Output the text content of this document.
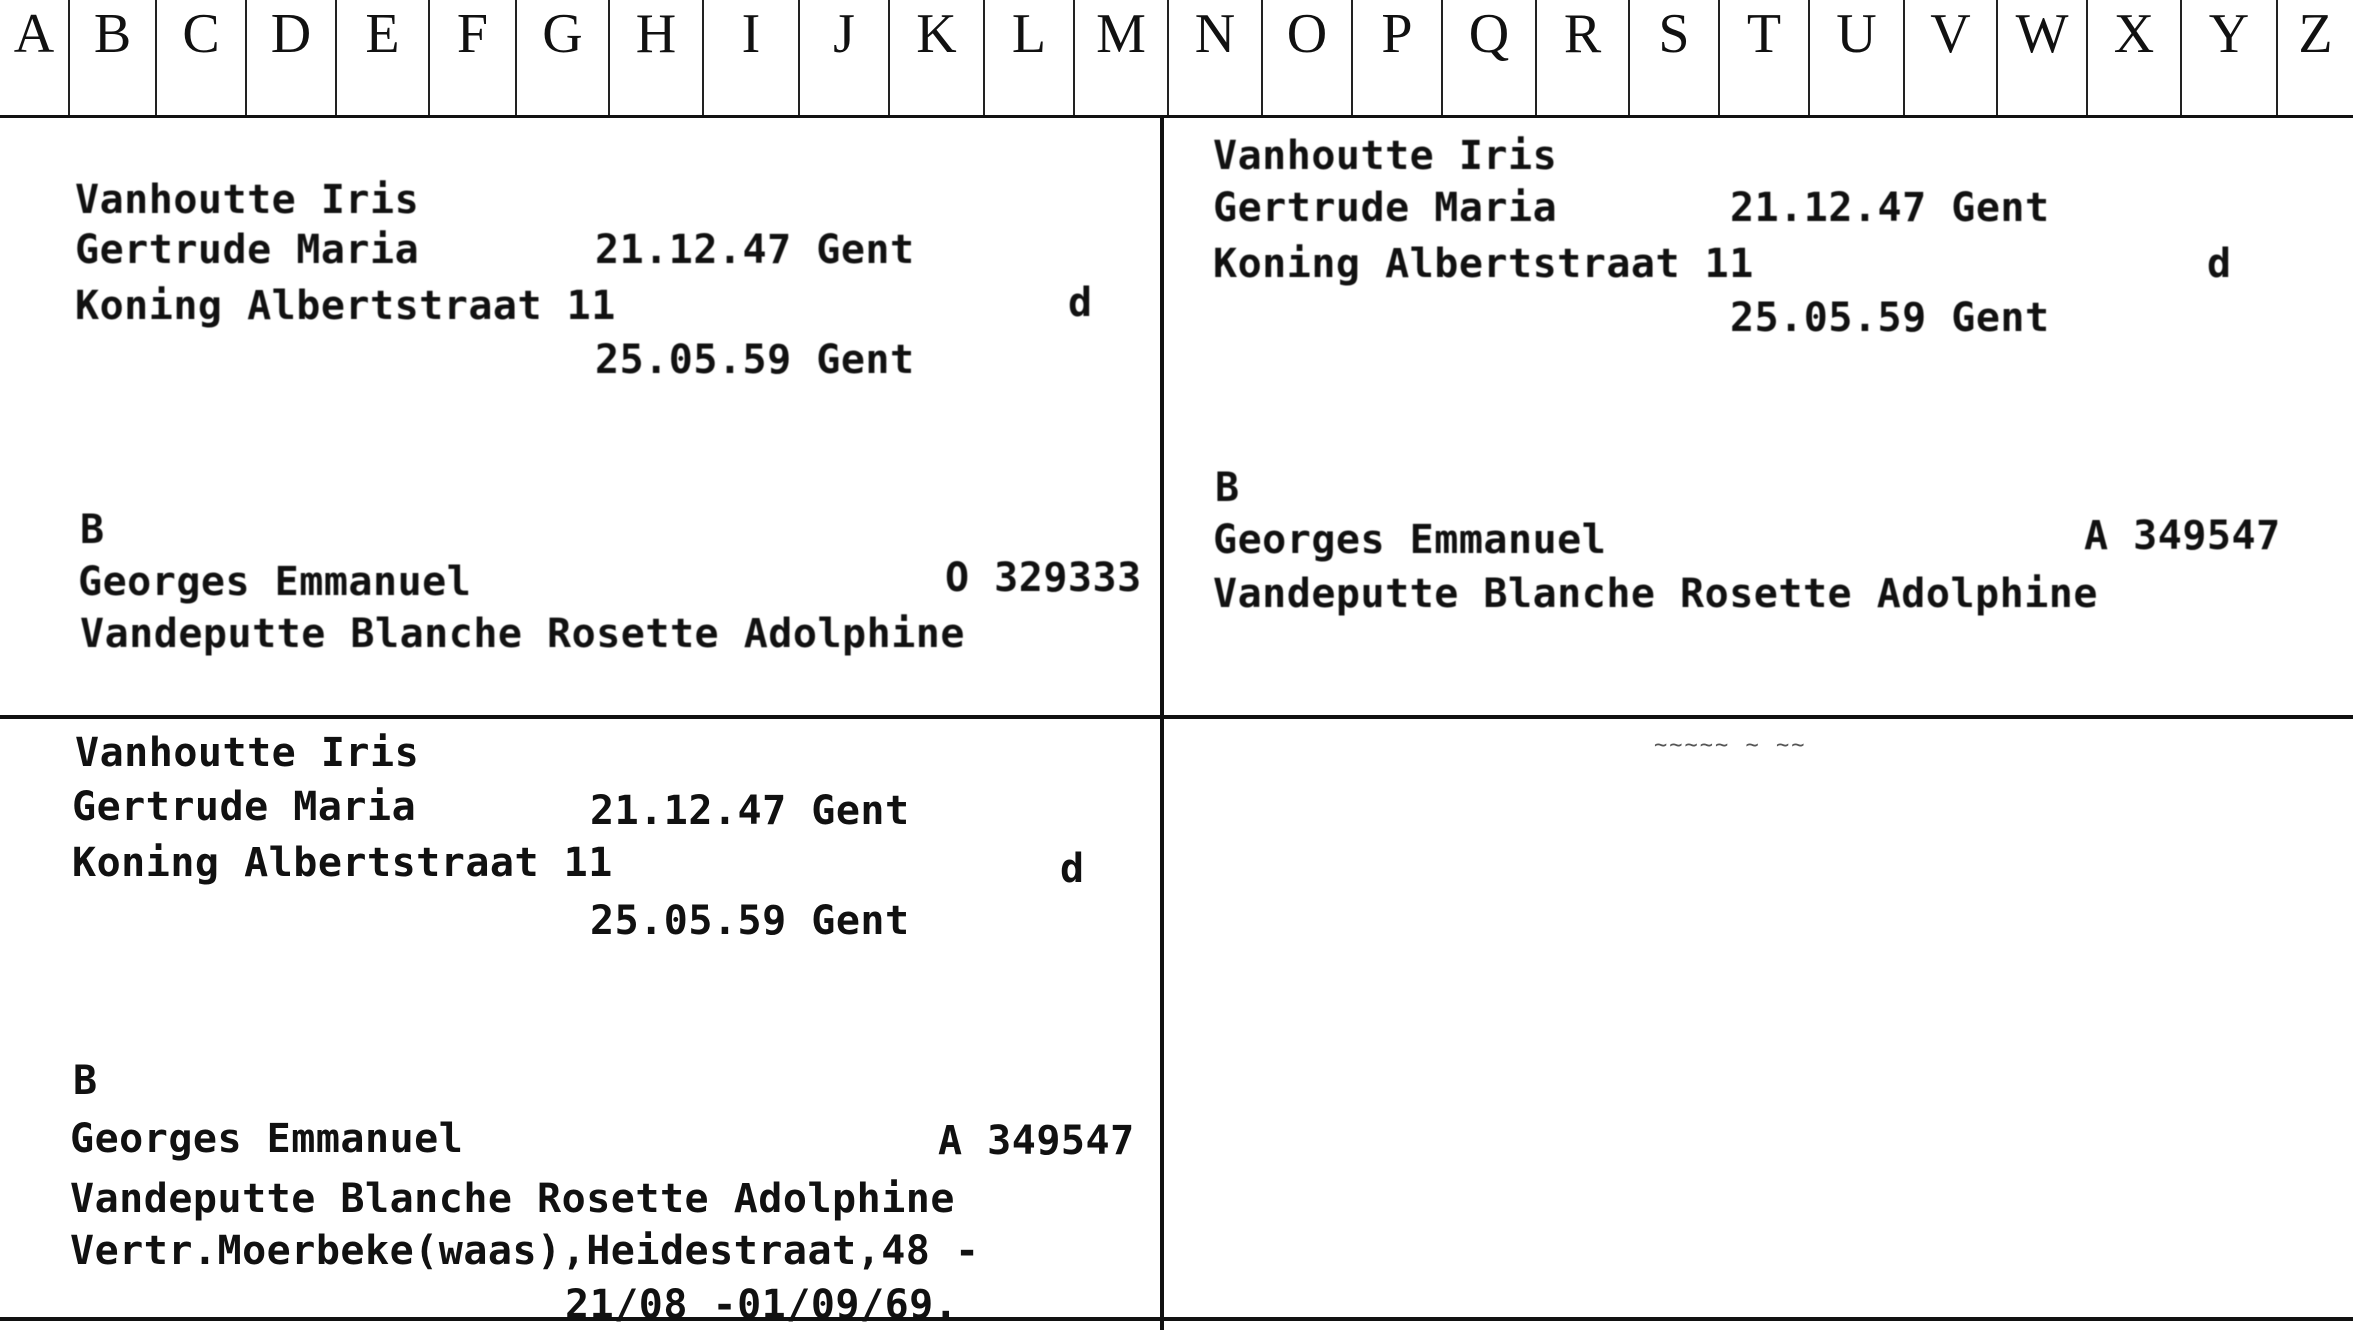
A B C D E	F G H	I	J	K L M N O P	Q R	S	T U V W X Y Z
Vanhoutte Iris
Gertrude Maria	21.12.47 Gent
Koning Albertstraat 11	d
25.05.59 Gent
B
Georges Emmanuel	O 329333
Vandeputte Blanche Rosette Adolphine
Vanhoutte Iris
Gertrude Maria	21.12.47 Gent
Koning Albertstraat 11	d
25.05.59 Gent
B
Georges Emmanuel	A 349547
Vandeputte Blanche Rosette Adolphine
Vanhoutte Iris
Gertrude Maria	21.12.47 Gent
Koning Albertstraat 11	d
25.05.59 Gent
B
Georges Emmanuel	A 349547
Vandeputte Blanche Rosette Adolphine
Vertr.Moerbeke(waas),Heidestraat,48 -
21/08 -01/09/69.
~~~~~ ~ ~~
